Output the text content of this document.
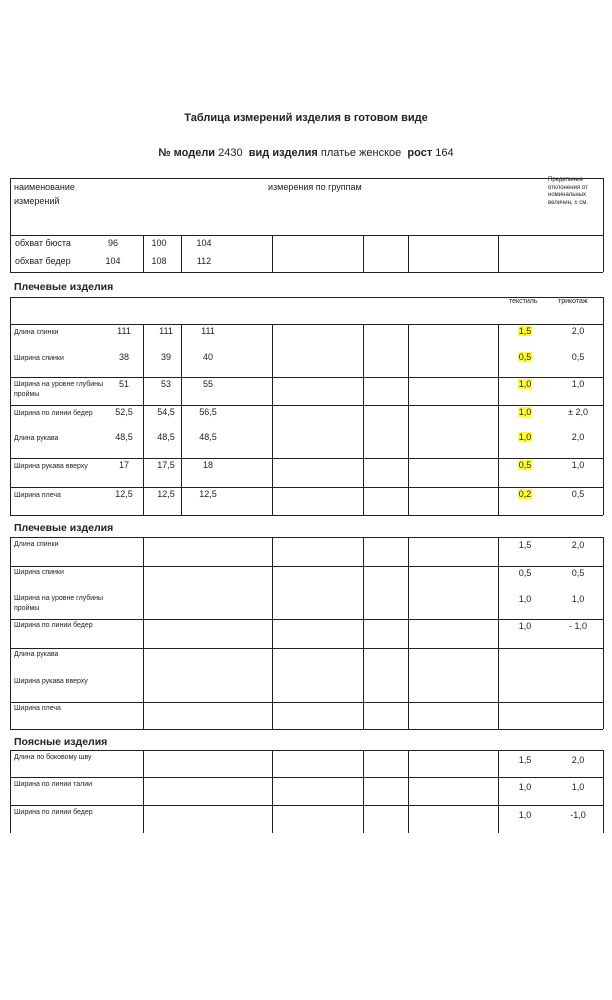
Таблица измерений изделия в готовом виде
№ модели 2430 вид изделия платье женское рост 164
наименование
измерений
измерения по группам
Предельные отклонения от номинальных величин, ± см.
обхват бюста	96	100	104
обхват бедер	104	108	112
Плечевые изделия
текстиль	трикотаж
Длина спинки	111	111	111	1,5	2,0
Ширина спинки	38	39	40	0,5	0,5
Ширина на уровне глубины проймы
51	53	55	1,0	1,0
Ширина по линии бедер	52,5	54,5	56,5	1,0	± 2,0
Длина рукава	48,5	48,5	48,5	1,0	2,0
Ширина рукава вверху	17	17,5	18	0,5	1,0
Ширина плеча	12,5	12,5	12,5	0,2	0,5
Плечевые изделия
Длина спинки	1,5	2,0
Ширина спинки	0,5	0,5
Ширина на уровне глубины проймы
1,0	1,0
Ширина по линии бедер	1,0	- 1,0
Длина рукава
Ширина рукава вверху
Ширина плеча
Поясные изделия
Длина по боковому шву	1,5	2,0
Ширина по линии талии	1,0	1,0
Ширина по линии бедер	1,0	-1,0
